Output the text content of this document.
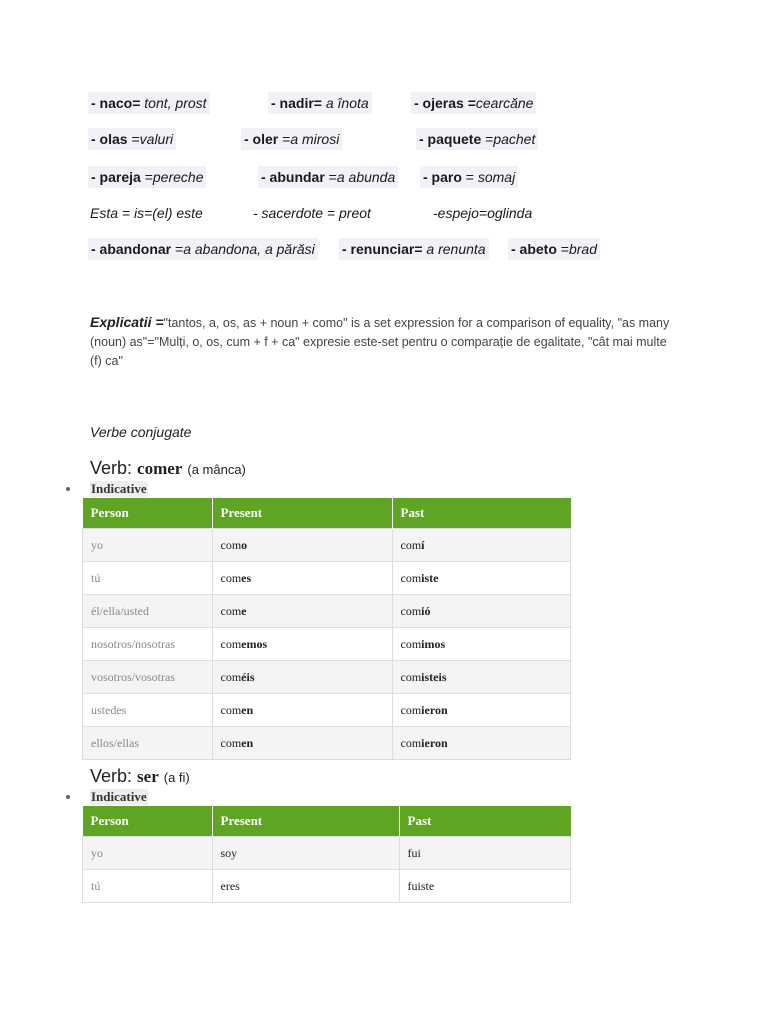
- naco= tont, prost	- nadir= a înota	- ojeras =cearcăne
- olas =valuri	- oler =a mirosi	- paquete =pachet
- pareja =pereche	- abundar =a abunda - paro = somaj
Esta = is=(el) este	- sacerdote = preot	-espejo=oglinda
- abandonar =a abandona, a părăsi - renunciar= a renunta - abeto =brad
Explicatii ="tantos, a, os, as + noun + como" is a set expression for a comparison of equality, "as many (noun) as"="Mulți, o, os, cum + f + ca" expresie este-set pentru o comparație de egalitate, "cât mai multe (f) ca"
Verbe conjugate
Verb: comer (a mânca)
Indicative
Person	Present	Past
yo	como	comí
tú	comes	comiste
él/ella/usted	come	comió
nosotros/nosotras	comemos	comimos
vosotros/vosotras	coméis	comisteis
ustedes	comen	comieron
ellos/ellas	comen	comieron
Verb: ser (a fi)
Indicative
Person	Present	Past
yo	soy	fui
tú	eres	fuiste
